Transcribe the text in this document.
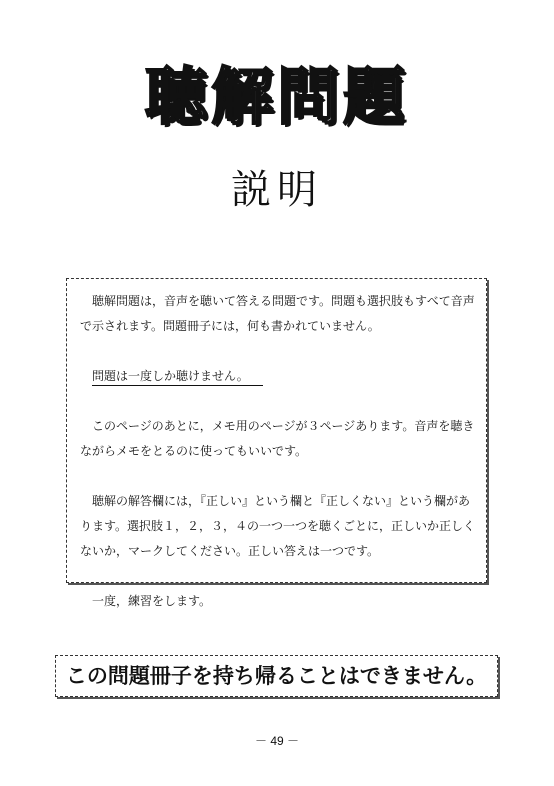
聴解問題
説明

聴解問題は，音声を聴いて答える問題です。問題も選択肢もすべて音声で示されます。問題冊子には，何も書かれていません。

問題は一度しか聴けません。

このページのあとに，メモ用のページが３ページあります。音声を聴きながらメモをとるのに使ってもいいです。

聴解の解答欄には，『正しい』という欄と『正しくない』という欄があります。選択肢１，２，３，４の一つ一つを聴くごとに，正しいか正しくないか，マークしてください。正しい答えは一つです。

一度，練習をします。

この問題冊子を持ち帰ることはできません。
－ 49 －
